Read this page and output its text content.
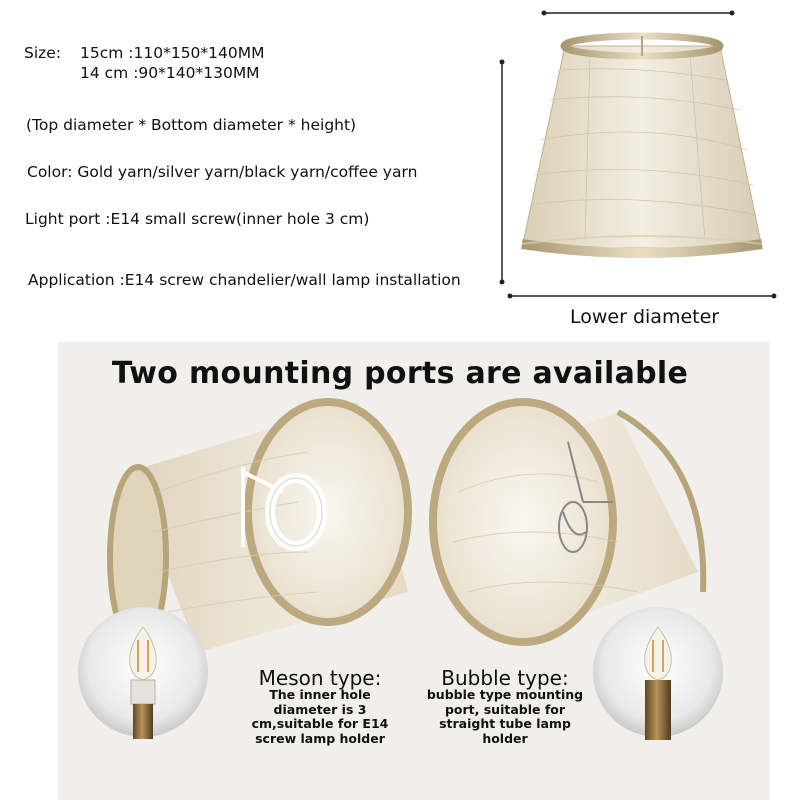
Size: 15cm :110*150*140MM
14 cm :90*140*130MM
(Top diameter * Bottom diameter * height)
Color: Gold yarn/silver yarn/black yarn/coffee yarn
Light port :E14 small screw(inner hole 3 cm)
Application :E14 screw chandelier/wall lamp installation
Lower diameter
Two mounting ports are available
Meson type:
The inner hole diameter is 3 cm,suitable for E14 screw lamp holder
Bubble type:
bubble type mounting port, suitable for straight tube lamp holder
